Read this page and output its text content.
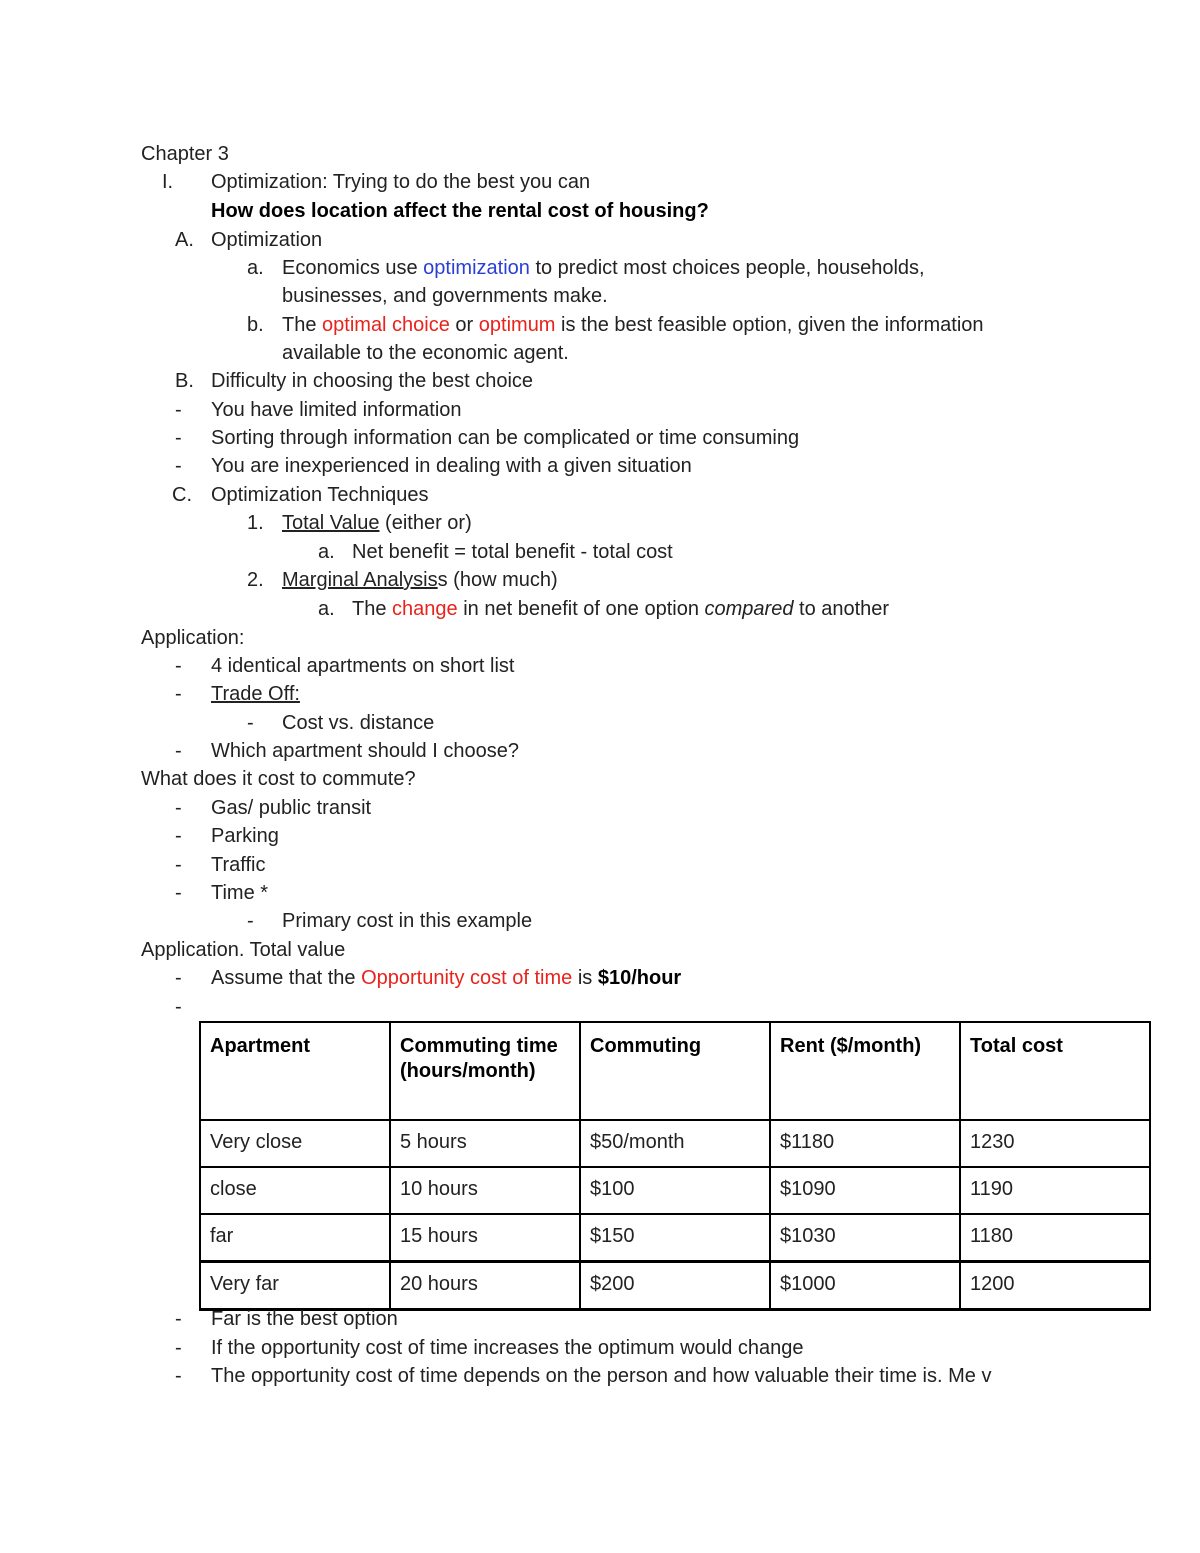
Chapter 3
I. Optimization: Trying to do the best you can
How does location affect the rental cost of housing?
A. Optimization
a. Economics use optimization to predict most choices people, households,
businesses, and governments make.
b. The optimal choice or optimum is the best feasible option, given the information
available to the economic agent.
B. Difficulty in choosing the best choice
- You have limited information
- Sorting through information can be complicated or time consuming
- You are inexperienced in dealing with a given situation
C. Optimization Techniques
1. Total Value (either or)
a. Net benefit = total benefit - total cost
2. Marginal Analysiss (how much)
a. The change in net benefit of one option compared to another
Application:
- 4 identical apartments on short list
- Trade Off:
- Cost vs. distance
- Which apartment should I choose?
What does it cost to commute?
- Gas/ public transit
- Parking
- Traffic
- Time *
- Primary cost in this example
Application. Total value
- Assume that the Opportunity cost of time is $10/hour
-
Apartment	Commuting time (hours/month)	Commuting	Rent ($/month)	Total cost
Very close	5 hours	$50/month	$1180	1230
close	10 hours	$100	$1090	1190
far	15 hours	$150	$1030	1180
Very far	20 hours	$200	$1000	1200
- Far is the best option
- If the opportunity cost of time increases the optimum would change
- The opportunity cost of time depends on the person and how valuable their time is. Me v
